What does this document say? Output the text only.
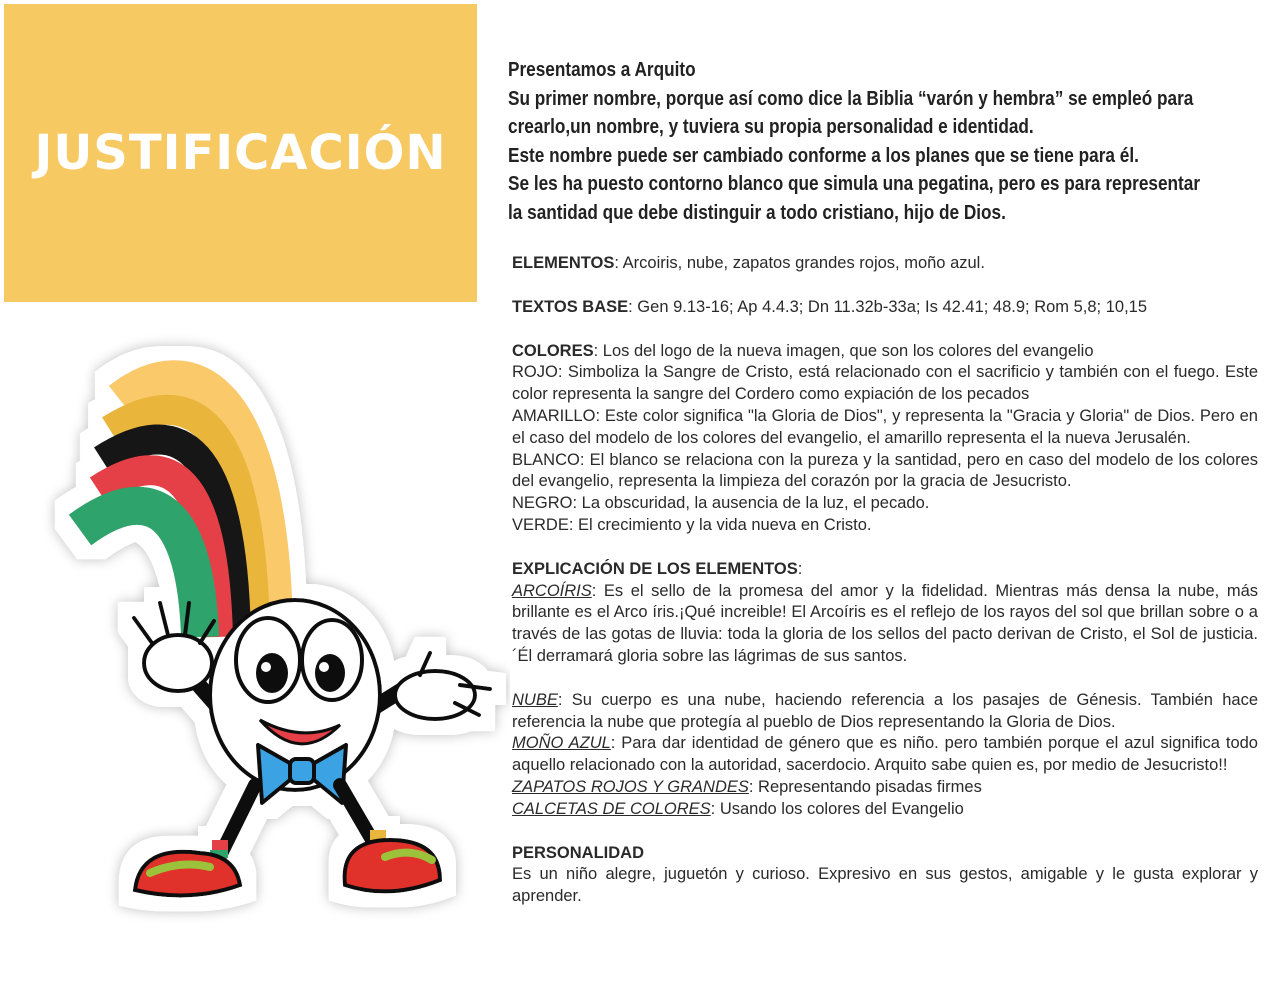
JUSTIFICACIÓN
Presentamos a Arquito
Su primer nombre, porque así como dice la Biblia “varón y hembra” se empleó para
crearlo,un nombre, y tuviera su propia personalidad e identidad.
Este nombre puede ser cambiado conforme a los planes que se tiene para él.
Se les ha puesto contorno blanco que simula una pegatina, pero es para representar
la santidad que debe distinguir a todo cristiano, hijo de Dios.

ELEMENTOS: Arcoiris, nube, zapatos grandes rojos, moño azul.

TEXTOS BASE: Gen 9.13-16; Ap 4.4.3; Dn 11.32b-33a; Is 42.41; 48.9; Rom 5,8; 10,15

COLORES: Los del logo de la nueva imagen, que son los colores del evangelio

ROJO: Simboliza la Sangre de Cristo, está relacionado con el sacrificio y también con el fuego. Este color representa la sangre del Cordero como expiación de los pecados

AMARILLO: Este color significa "la Gloria de Dios", y representa la "Gracia y Gloria" de Dios. Pero en el caso del modelo de los colores del evangelio, el amarillo representa el la nueva Jerusalén.

BLANCO: El blanco se relaciona con la pureza y la santidad, pero en caso del modelo de los colores del evangelio, representa la limpieza del corazón por la gracia de Jesucristo.

NEGRO: La obscuridad, la ausencia de la luz, el pecado.

VERDE: El crecimiento y la vida nueva en Cristo.

EXPLICACIÓN DE LOS ELEMENTOS:

ARCOÍRIS: Es el sello de la promesa del amor y la fidelidad. Mientras más densa la nube, más brillante es el Arco íris.¡Qué increible! El Arcoíris es el reflejo de los rayos del sol que brillan sobre o a través de las gotas de lluvia: toda la gloria de los sellos del pacto derivan de Cristo, el Sol de justicia. ´Él derramará gloria sobre las lágrimas de sus santos.

NUBE: Su cuerpo es una nube, haciendo referencia a los pasajes de Génesis. También hace referencia la nube que protegía al pueblo de Dios representando la Gloria de Dios.

MOÑO AZUL: Para dar identidad de género que es niño. pero también porque el azul significa todo aquello relacionado con la autoridad, sacerdocio. Arquito sabe quien es, por medio de Jesucristo!!

ZAPATOS ROJOS Y GRANDES: Representando pisadas firmes

CALCETAS DE COLORES: Usando los colores del Evangelio

PERSONALIDAD

Es un niño alegre, juguetón y curioso. Expresivo en sus gestos, amigable y le gusta explorar y aprender.
